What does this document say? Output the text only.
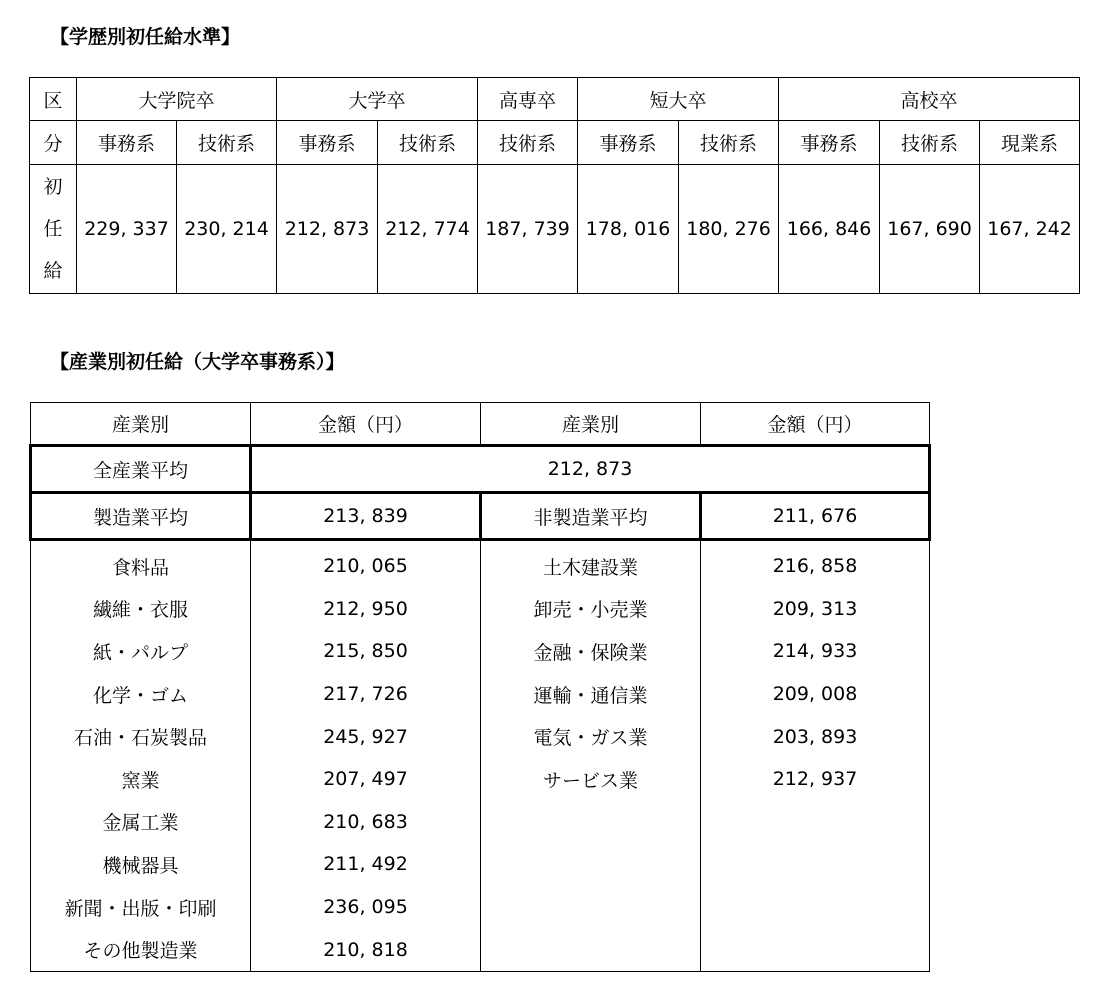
【学歴別初任給水準】
区	大学院卒		大学卒		高専卒	短大卒		高校卒		
分	事務系	技術系	事務系	技術系	技術系	事務系	技術系	事務系	技術系	現業系

初
任
給	229, 337	230, 214	212, 873	212, 774	187, 739	178, 016	180, 276	166, 846	167, 690	167, 242
【産業別初任給（大学卒事務系）】
産業別	金額（円）	産業別	金額（円）
全産業平均	212, 873		
製造業平均	213, 839	非製造業平均	211, 676
食料品	210, 065	土木建設業	216, 858
繊維・衣服	212, 950	卸売・小売業	209, 313
紙・パルプ	215, 850	金融・保険業	214, 933
化学・ゴム	217, 726	運輸・通信業	209, 008
石油・石炭製品	245, 927	電気・ガス業	203, 893
窯業	207, 497	サービス業	212, 937
金属工業	210, 683		
機械器具	211, 492		
新聞・出版・印刷	236, 095		
その他製造業	210, 818		
